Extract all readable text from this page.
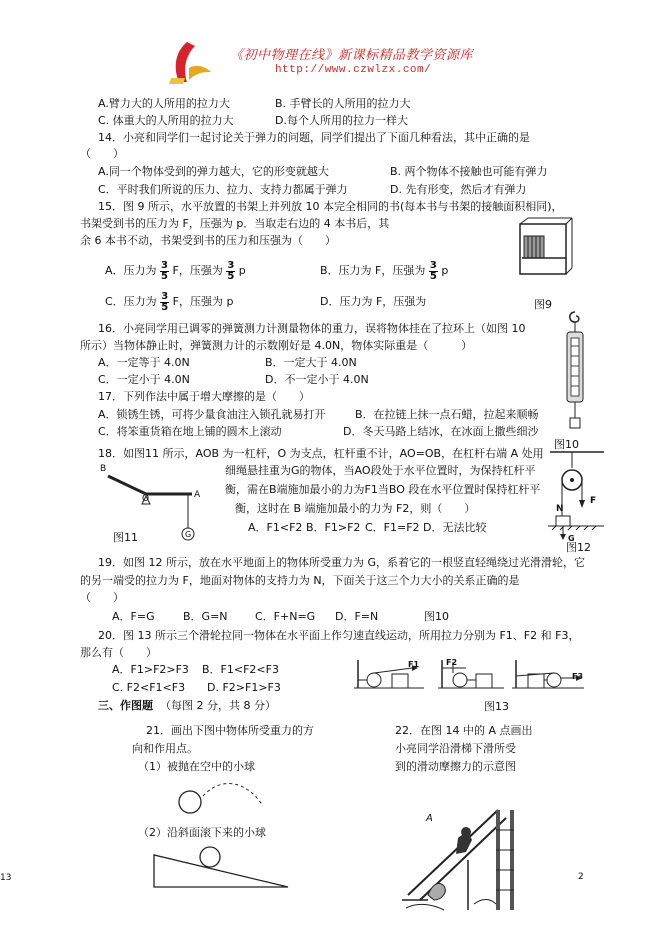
《初中物理在线》新课标精品教学资源库
http://www.czwlzx.com/
A.臂力大的人所用的拉力大	B. 手臂长的人所用的拉力大
C. 体重大的人所用的拉力大	D.每个人所用的拉力一样大
14．小亮和同学们一起讨论关于弹力的问题，同学们提出了下面几种看法，其中正确的是
（　　）
A.同一个物体受到的弹力越大，它的形变就越大	B. 两个物体不接触也可能有弹力
C．平时我们所说的压力、拉力、支持力都属于弹力	D. 先有形变，然后才有弹力
15．图 9 所示，水平放置的书架上并列放 10 本完全相同的书(每本书与书架的接触面积相同)，
书架受到书的压力为 F，压强为 p．当取走右边的 4 本书后，其
余 6 本书不动，书架受到书的压力和压强为（　　）
A．压力为 $\frac{3}{5}$ F，压强为 $\frac{3}{5}$ p	B．压力为 F，压强为 $\frac{3}{5}$ p
C．压力为 $\frac{3}{5}$ F，压强为 p	D．压力为 F，压强为	图9
16．小亮同学用已调零的弹簧测力计测量物体的重力，误将物体挂在了拉环上（如图 10
所示）当物体静止时，弹簧测力计的示数刚好是 4.0N，物体实际重是（　　　）
A．一定等于 4.0N	B．一定大于 4.0N
C．一定小于 4.0N	D．不一定小于 4.0N
17．下列作法中属于增大摩擦的是（　　）
A．锁锈生锈，可将少量食油注入锁孔就易打开	B．在拉链上抹一点石蜡，拉起来顺畅
C．将笨重货箱在地上铺的圆木上滚动	D．冬天马路上结冰，在冰面上撒些细沙
图10
18．如图11 所示，AOB 为一杠杆，O 为支点，杠杆重不计，AO=OB，在杠杆右端 A 处用
细绳悬挂重为G的物体，当AO段处于水平位置时，为保持杠杆平
衡，需在B端施加最小的力为F1当BO 段在水平位置时保持杠杆平
衡，这时在 B 端施加最小的力为 F2，则（　　）
A．F1<F2 B．F1>F2 C．F1=F2 D．无法比较
B
O	A
G
图11
N
F
G
图12
19．如图 12 所示，放在水平地面上的物体所受重力为 G，系着它的一根竖直轻绳绕过光滑滑轮，它
的另一端受的拉力为 F，地面对物体的支持力为 N，下面关于这三个力大小的关系正确的是
（　　）
A．F=G	B．G=N C．F+N=G D．F=N	图10
20．图 13 所示三个滑轮拉同一物体在水平面上作匀速直线运动，所用拉力分别为 F1、F2 和 F3，
那么有（　　）
A．F1>F2>F3 B．F1<F2<F3
C. F2<F1<F3 D. F2>F1>F3
F1	F2
F3
图13
三、作图题 （每图 2 分，共 8 分）
21．画出下图中物体所受重力的方
向和作用点。
（1）被抛在空中的小球
（2）沿斜面滚下来的小球
22．在图 14 中的 A 点画出
小亮同学沿滑梯下滑所受
到的滑动摩擦力的示意图
A
13	2
